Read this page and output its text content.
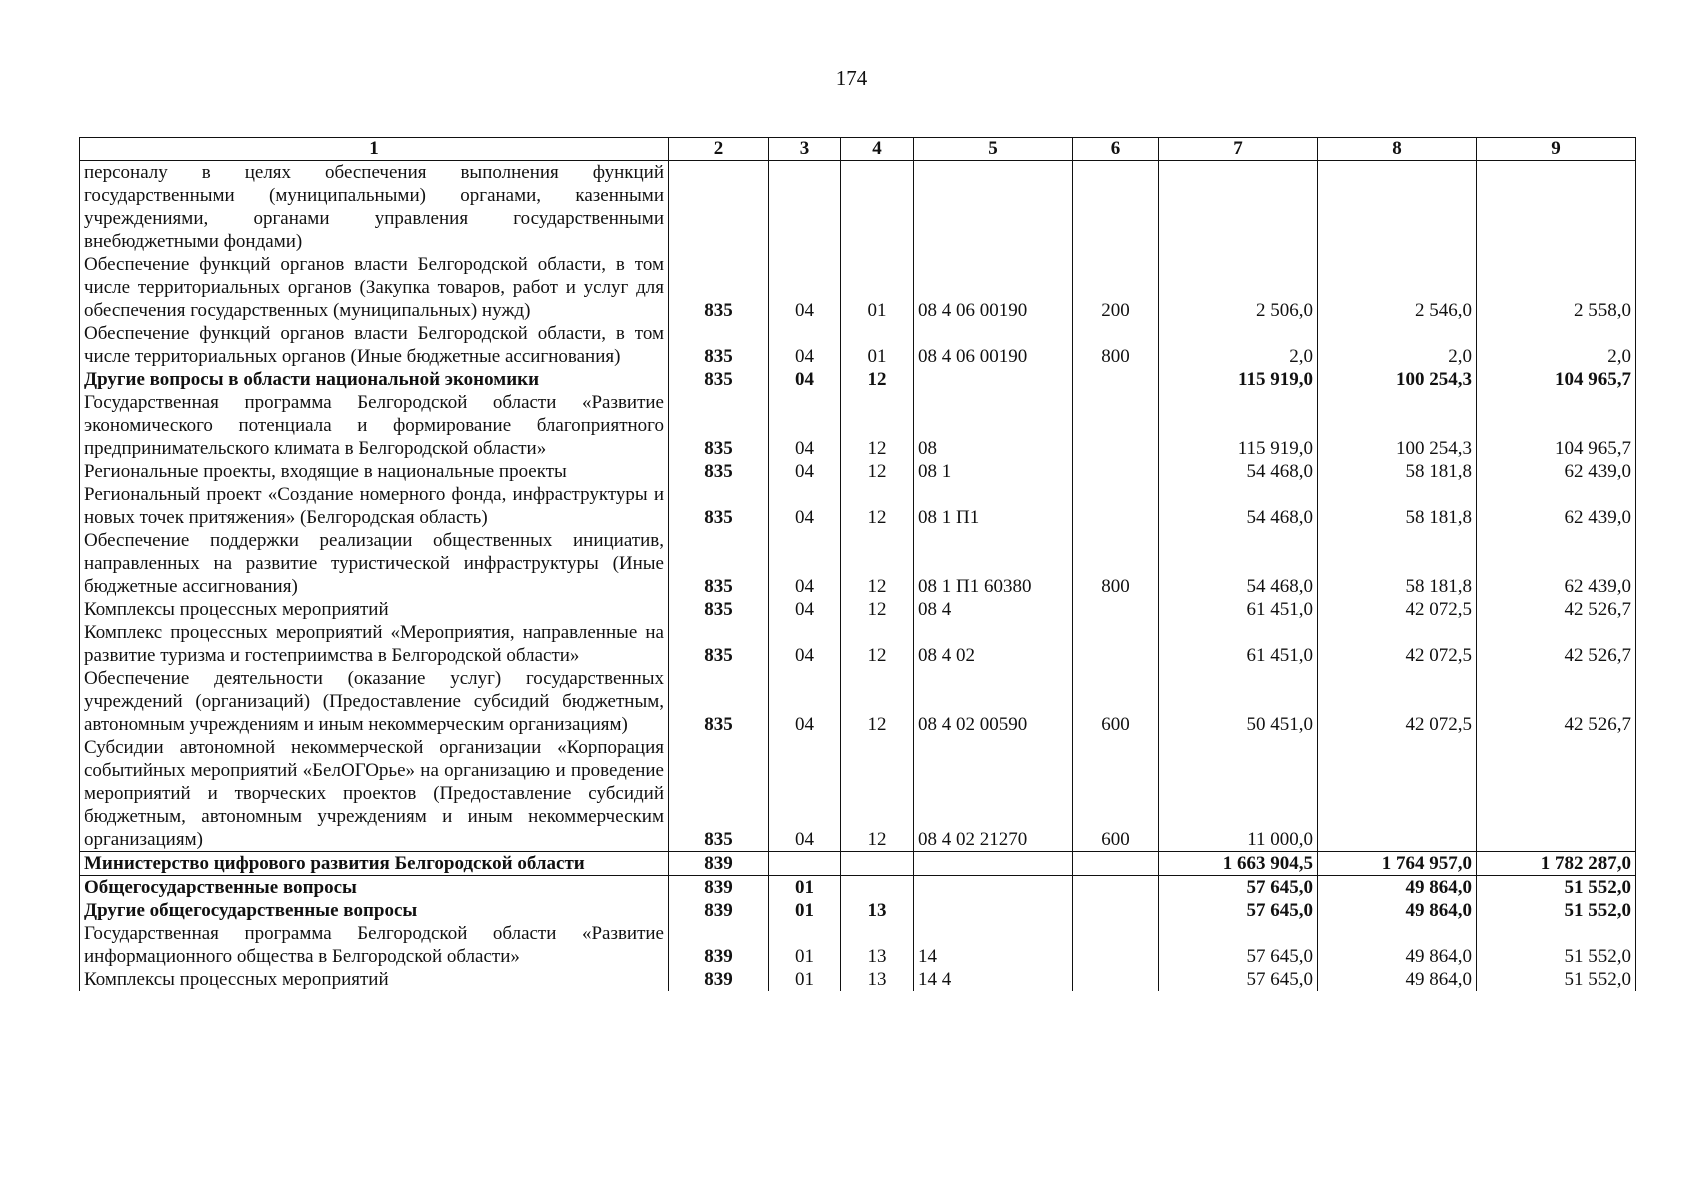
174
1	2	3	4	5	6	7	8	9
персоналу в целях обеспечения выполнения функций государственными (муниципальными) органами, казенными учреждениями, органами управления государственными внебюджетными фондами)								
Обеспечение функций органов власти Белгородской области, в том числе территориальных органов (Закупка товаров, работ и услуг для обеспечения государственных (муниципальных) нужд)	835	04	01	08 4 06 00190	200	2 506,0	2 546,0	2 558,0
Обеспечение функций органов власти Белгородской области, в том числе территориальных органов (Иные бюджетные ассигнования)	835	04	01	08 4 06 00190	800	2,0	2,0	2,0
Другие вопросы в области национальной экономики	835	04	12			115 919,0	100 254,3	104 965,7
Государственная программа Белгородской области «Развитие экономического потенциала и формирование благоприятного предпринимательского климата в Белгородской области»	835	04	12	08		115 919,0	100 254,3	104 965,7
Региональные проекты, входящие в национальные проекты	835	04	12	08 1		54 468,0	58 181,8	62 439,0
Региональный проект «Создание номерного фонда, инфраструктуры и новых точек притяжения» (Белгородская область)	835	04	12	08 1 П1		54 468,0	58 181,8	62 439,0
Обеспечение поддержки реализации общественных инициатив, направленных на развитие туристической инфраструктуры (Иные бюджетные ассигнования)	835	04	12	08 1 П1 60380	800	54 468,0	58 181,8	62 439,0
Комплексы процессных мероприятий	835	04	12	08 4		61 451,0	42 072,5	42 526,7
Комплекс процессных мероприятий «Мероприятия, направленные на развитие туризма и гостеприимства в Белгородской области»	835	04	12	08 4 02		61 451,0	42 072,5	42 526,7
Обеспечение деятельности (оказание услуг) государственных учреждений (организаций) (Предоставление субсидий бюджетным, автономным учреждениям и иным некоммерческим организациям)	835	04	12	08 4 02 00590	600	50 451,0	42 072,5	42 526,7
Субсидии автономной некоммерческой организации «Корпорация событийных мероприятий «БелОГОрье» на организацию и проведение мероприятий и творческих проектов (Предоставление субсидий бюджетным, автономным учреждениям и иным некоммерческим организациям)	835	04	12	08 4 02 21270	600	11 000,0		
Министерство цифрового развития Белгородской области	839					1 663 904,5	1 764 957,0	1 782 287,0
Общегосударственные вопросы	839	01				57 645,0	49 864,0	51 552,0
Другие общегосударственные вопросы	839	01	13			57 645,0	49 864,0	51 552,0
Государственная программа Белгородской области «Развитие информационного общества в Белгородской области»	839	01	13	14		57 645,0	49 864,0	51 552,0
Комплексы процессных мероприятий	839	01	13	14 4		57 645,0	49 864,0	51 552,0
